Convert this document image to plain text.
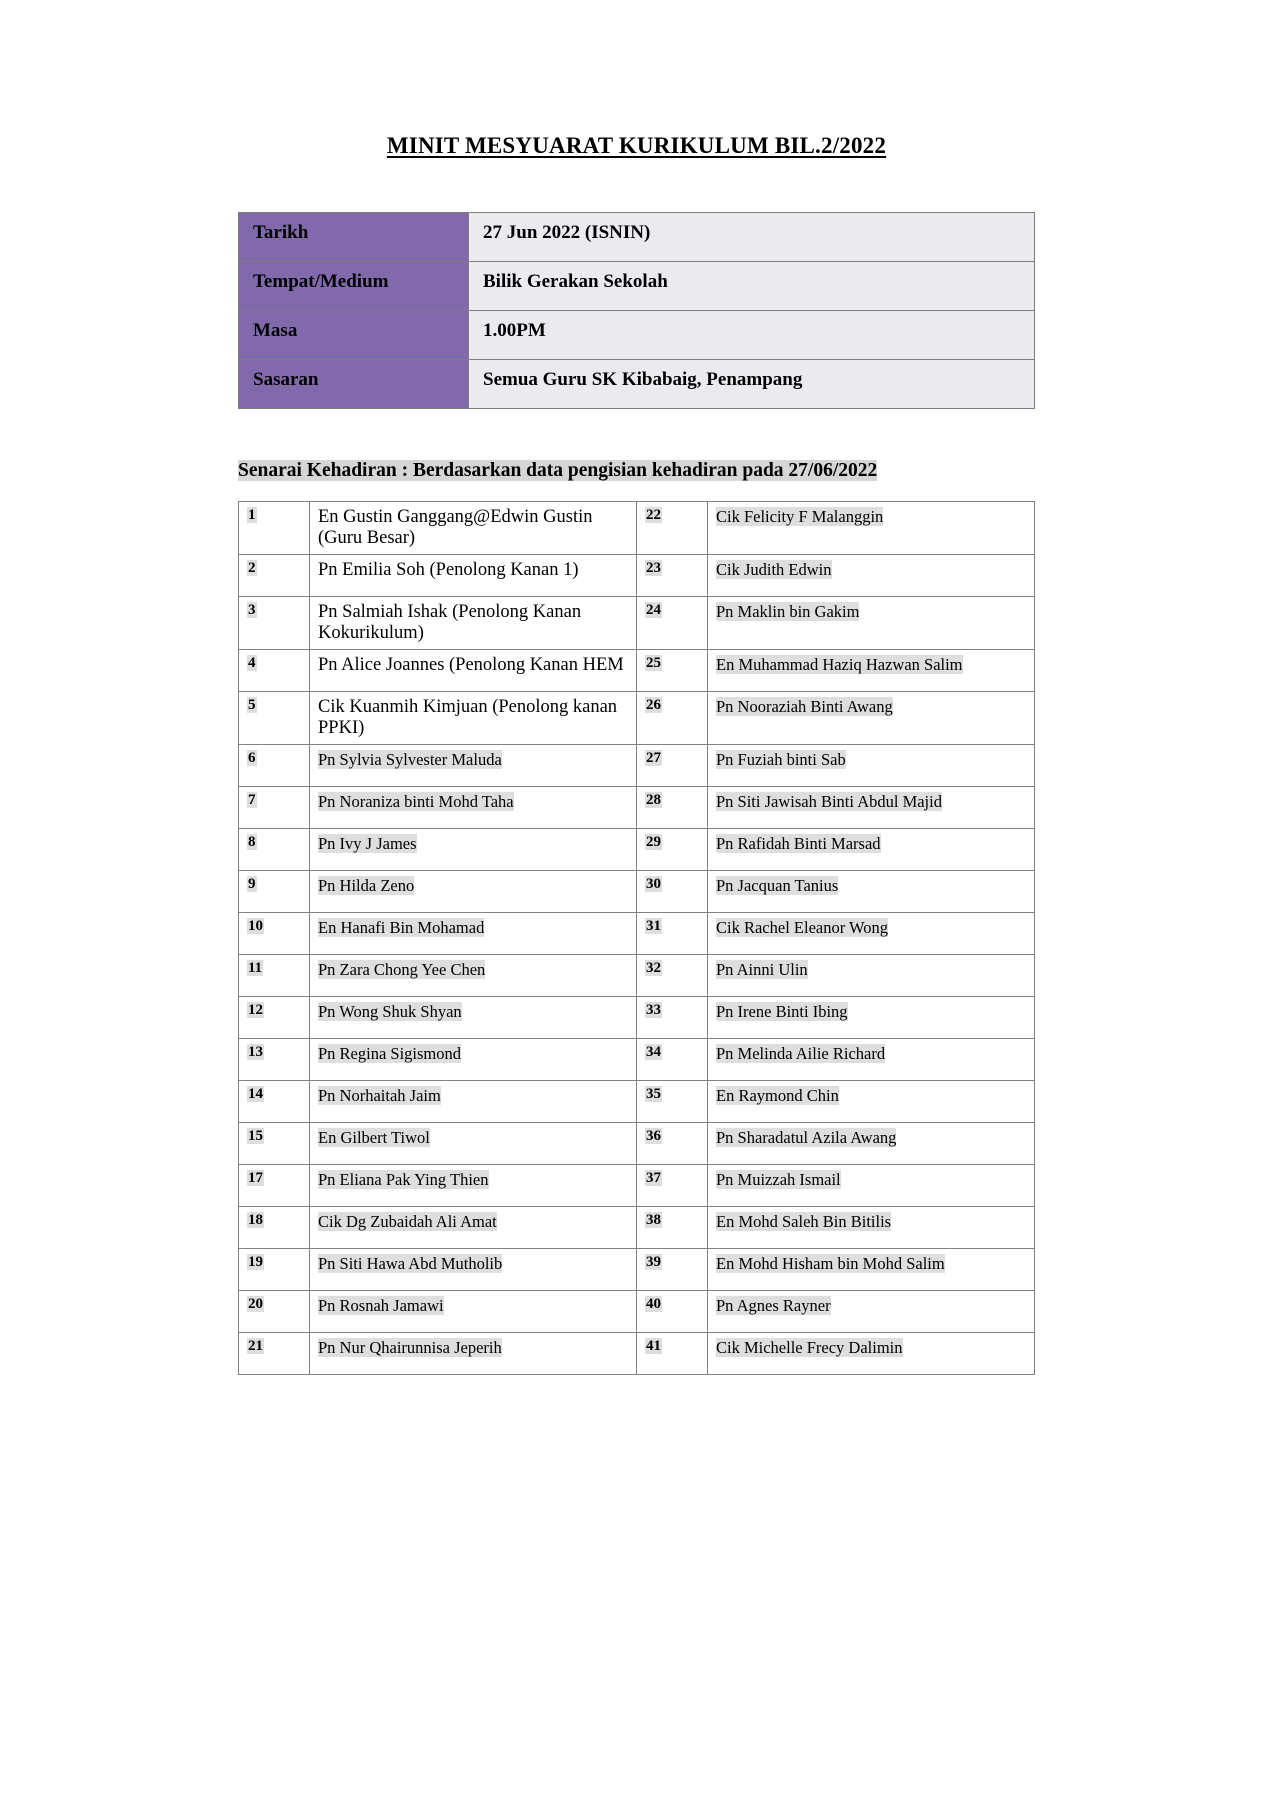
MINIT MESYUARAT KURIKULUM BIL.2/2022
Tarikh	27 Jun 2022 (ISNIN)
Tempat/Medium	Bilik Gerakan Sekolah
Masa	1.00PM
Sasaran	Semua Guru SK Kibabaig, Penampang
Senarai Kehadiran : Berdasarkan data pengisian kehadiran pada 27/06/2022
1	En Gustin Ganggang@Edwin Gustin (Guru Besar)	22	Cik Felicity F Malanggin
2	Pn Emilia Soh (Penolong Kanan 1)	23	Cik Judith Edwin
3	Pn Salmiah Ishak (Penolong Kanan Kokurikulum)	24	Pn Maklin bin Gakim
4	Pn Alice Joannes (Penolong Kanan HEM	25	En Muhammad Haziq Hazwan Salim
5	Cik Kuanmih Kimjuan (Penolong kanan PPKI)	26	Pn Nooraziah Binti Awang
6	Pn Sylvia Sylvester Maluda	27	Pn Fuziah binti Sab
7	Pn Noraniza binti Mohd Taha	28	Pn Siti Jawisah Binti Abdul Majid
8	Pn Ivy J James	29	Pn Rafidah Binti Marsad
9	Pn Hilda Zeno	30	Pn Jacquan Tanius
10	En Hanafi Bin Mohamad	31	Cik Rachel Eleanor Wong
11	Pn Zara Chong Yee Chen	32	Pn Ainni Ulin
12	Pn Wong Shuk Shyan	33	Pn Irene Binti Ibing
13	Pn Regina Sigismond	34	Pn Melinda Ailie Richard
14	Pn Norhaitah Jaim	35	En Raymond Chin
15	En Gilbert Tiwol	36	Pn Sharadatul Azila Awang
17	Pn Eliana Pak Ying Thien	37	Pn Muizzah Ismail
18	Cik Dg Zubaidah Ali Amat	38	En Mohd Saleh Bin Bitilis
19	Pn Siti Hawa Abd Mutholib	39	En Mohd Hisham bin Mohd Salim
20	Pn Rosnah Jamawi	40	Pn Agnes Rayner
21	Pn Nur Qhairunnisa Jeperih	41	Cik Michelle Frecy Dalimin
